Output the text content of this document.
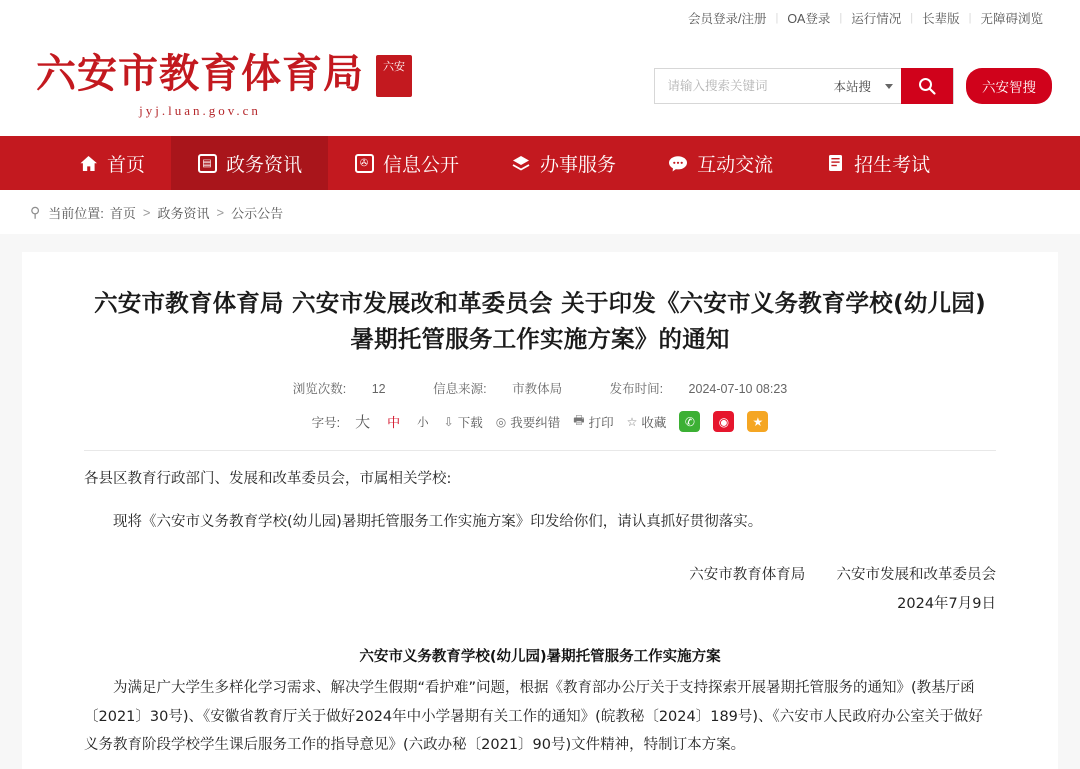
会员登录/注册 | OA登录 | 运行情况 | 长辈版 | 无障碍浏览
六安市教育体育局
jyj.luan.gov.cn
六安
请输入搜索关键词
本站搜	六安智搜
首页	▤ 政务资讯	✇ 信息公开	办事服务	互动交流	招生考试
⚲ 当前位置: 首页 > 政务资讯 > 公示公告
六安市教育体育局 六安市发展改和革委员会 关于印发《六安市义务教育学校(幼儿园)暑期托管服务工作实施方案》的通知
浏览次数: 12	信息来源: 市教体局	发布时间: 2024-07-10 08:23
字号: 大 中 小 ⇩ 下载 ◎ 我要纠错 🖶 打印 ☆ 收藏	✆	◉	★
各县区教育行政部门、发展和改革委员会，市属相关学校:
现将《六安市义务教育学校(幼儿园)暑期托管服务工作实施方案》印发给你们，请认真抓好贯彻落实。
六安市教育体育局 六安市发展和改革委员会
2024年7月9日
六安市义务教育学校(幼儿园)暑期托管服务工作实施方案
为满足广大学生多样化学习需求、解决学生假期“看护难”问题，根据《教育部办公厅关于支持探索开展暑期托管服务的通知》(教基厅函〔2021〕30号)、《安徽省教育厅关于做好2024年中小学暑期有关工作的通知》(皖教秘〔2024〕189号)、《六安市人民政府办公室关于做好义务教育阶段学校学生课后服务工作的指导意见》(六政办秘〔2021〕90号)文件精神，特制订本方案。
